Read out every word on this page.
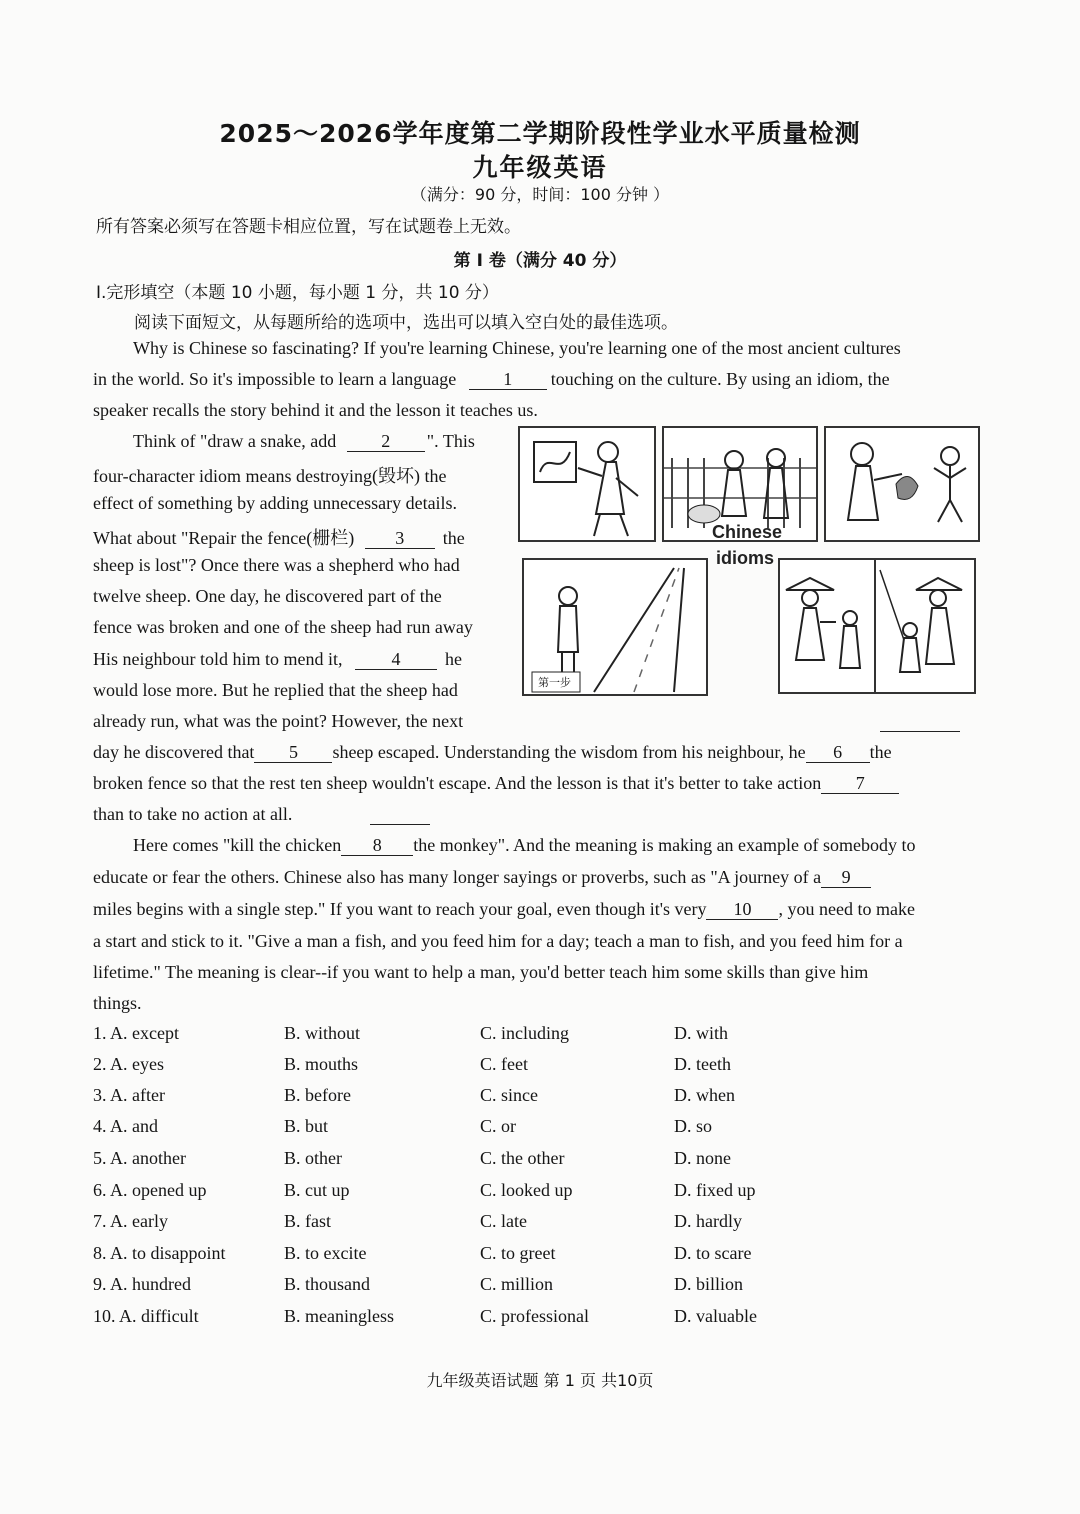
2025～2026学年度第二学期阶段性学业水平质量检测
九年级英语
（满分：90 分，时间：100 分钟 ）
所有答案必须写在答题卡相应位置，写在试题卷上无效。
第 I 卷（满分 40 分）
Ⅰ.完形填空（本题 10 小题，每小题 1 分，共 10 分）
阅读下面短文，从每题所给的选项中，选出可以填入空白处的最佳选项。
Why is Chinese so fascinating? If you're learning Chinese, you're learning one of the most ancient cultures
in the world. So it's impossible to learn a language	1 touching on the culture. By using an idiom, the
speaker recalls the story behind it and the lesson it teaches us.
Think of "draw a snake, add	2 ". This
four-character idiom means destroying(毁坏) the
effect of something by adding unnecessary details.
What about "Repair the fence(栅栏) 3 the
sheep is lost"? Once there was a shepherd who had
twelve sheep. One day, he discovered part of the
fence was broken and one of the sheep had run away
His neighbour told him to mend it,	4 he
would lose more. But he replied that the sheep had
already run, what was the point? However, the next
day he discovered that 5 sheep escaped. Understanding the wisdom from his neighbour, he 6 the
broken fence so that the rest ten sheep wouldn't escape. And the lesson is that it's better to take action 7
than to take no action at all.
Here comes "kill the chicken 8 the monkey". And the meaning is making an example of somebody to
educate or fear the others. Chinese also has many longer sayings or proverbs, such as "A journey of a 9
miles begins with a single step." If you want to reach your goal, even though it's very 10 , you need to make
a start and stick to it. "Give a man a fish, and you feed him for a day; teach a man to fish, and you feed him for a
lifetime." The meaning is clear--if you want to help a man, you'd better teach him some skills than give him
things.
Chinese
idioms
第一步
1. A. except	B. without	C. including	D. with
2. A. eyes	B. mouths	C. feet	D. teeth
3. A. after	B. before	C. since	D. when
4. A. and	B. but	C. or	D. so
5. A. another	B. other	C. the other	D. none
6. A. opened up	B. cut up	C. looked up	D. fixed up
7. A. early	B. fast	C. late	D. hardly
8. A. to disappoint	B. to excite	C. to greet	D. to scare
9. A. hundred	B. thousand	C. million	D. billion
10. A. difficult	B. meaningless	C. professional	D. valuable
九年级英语试题 第 1 页 共10页
